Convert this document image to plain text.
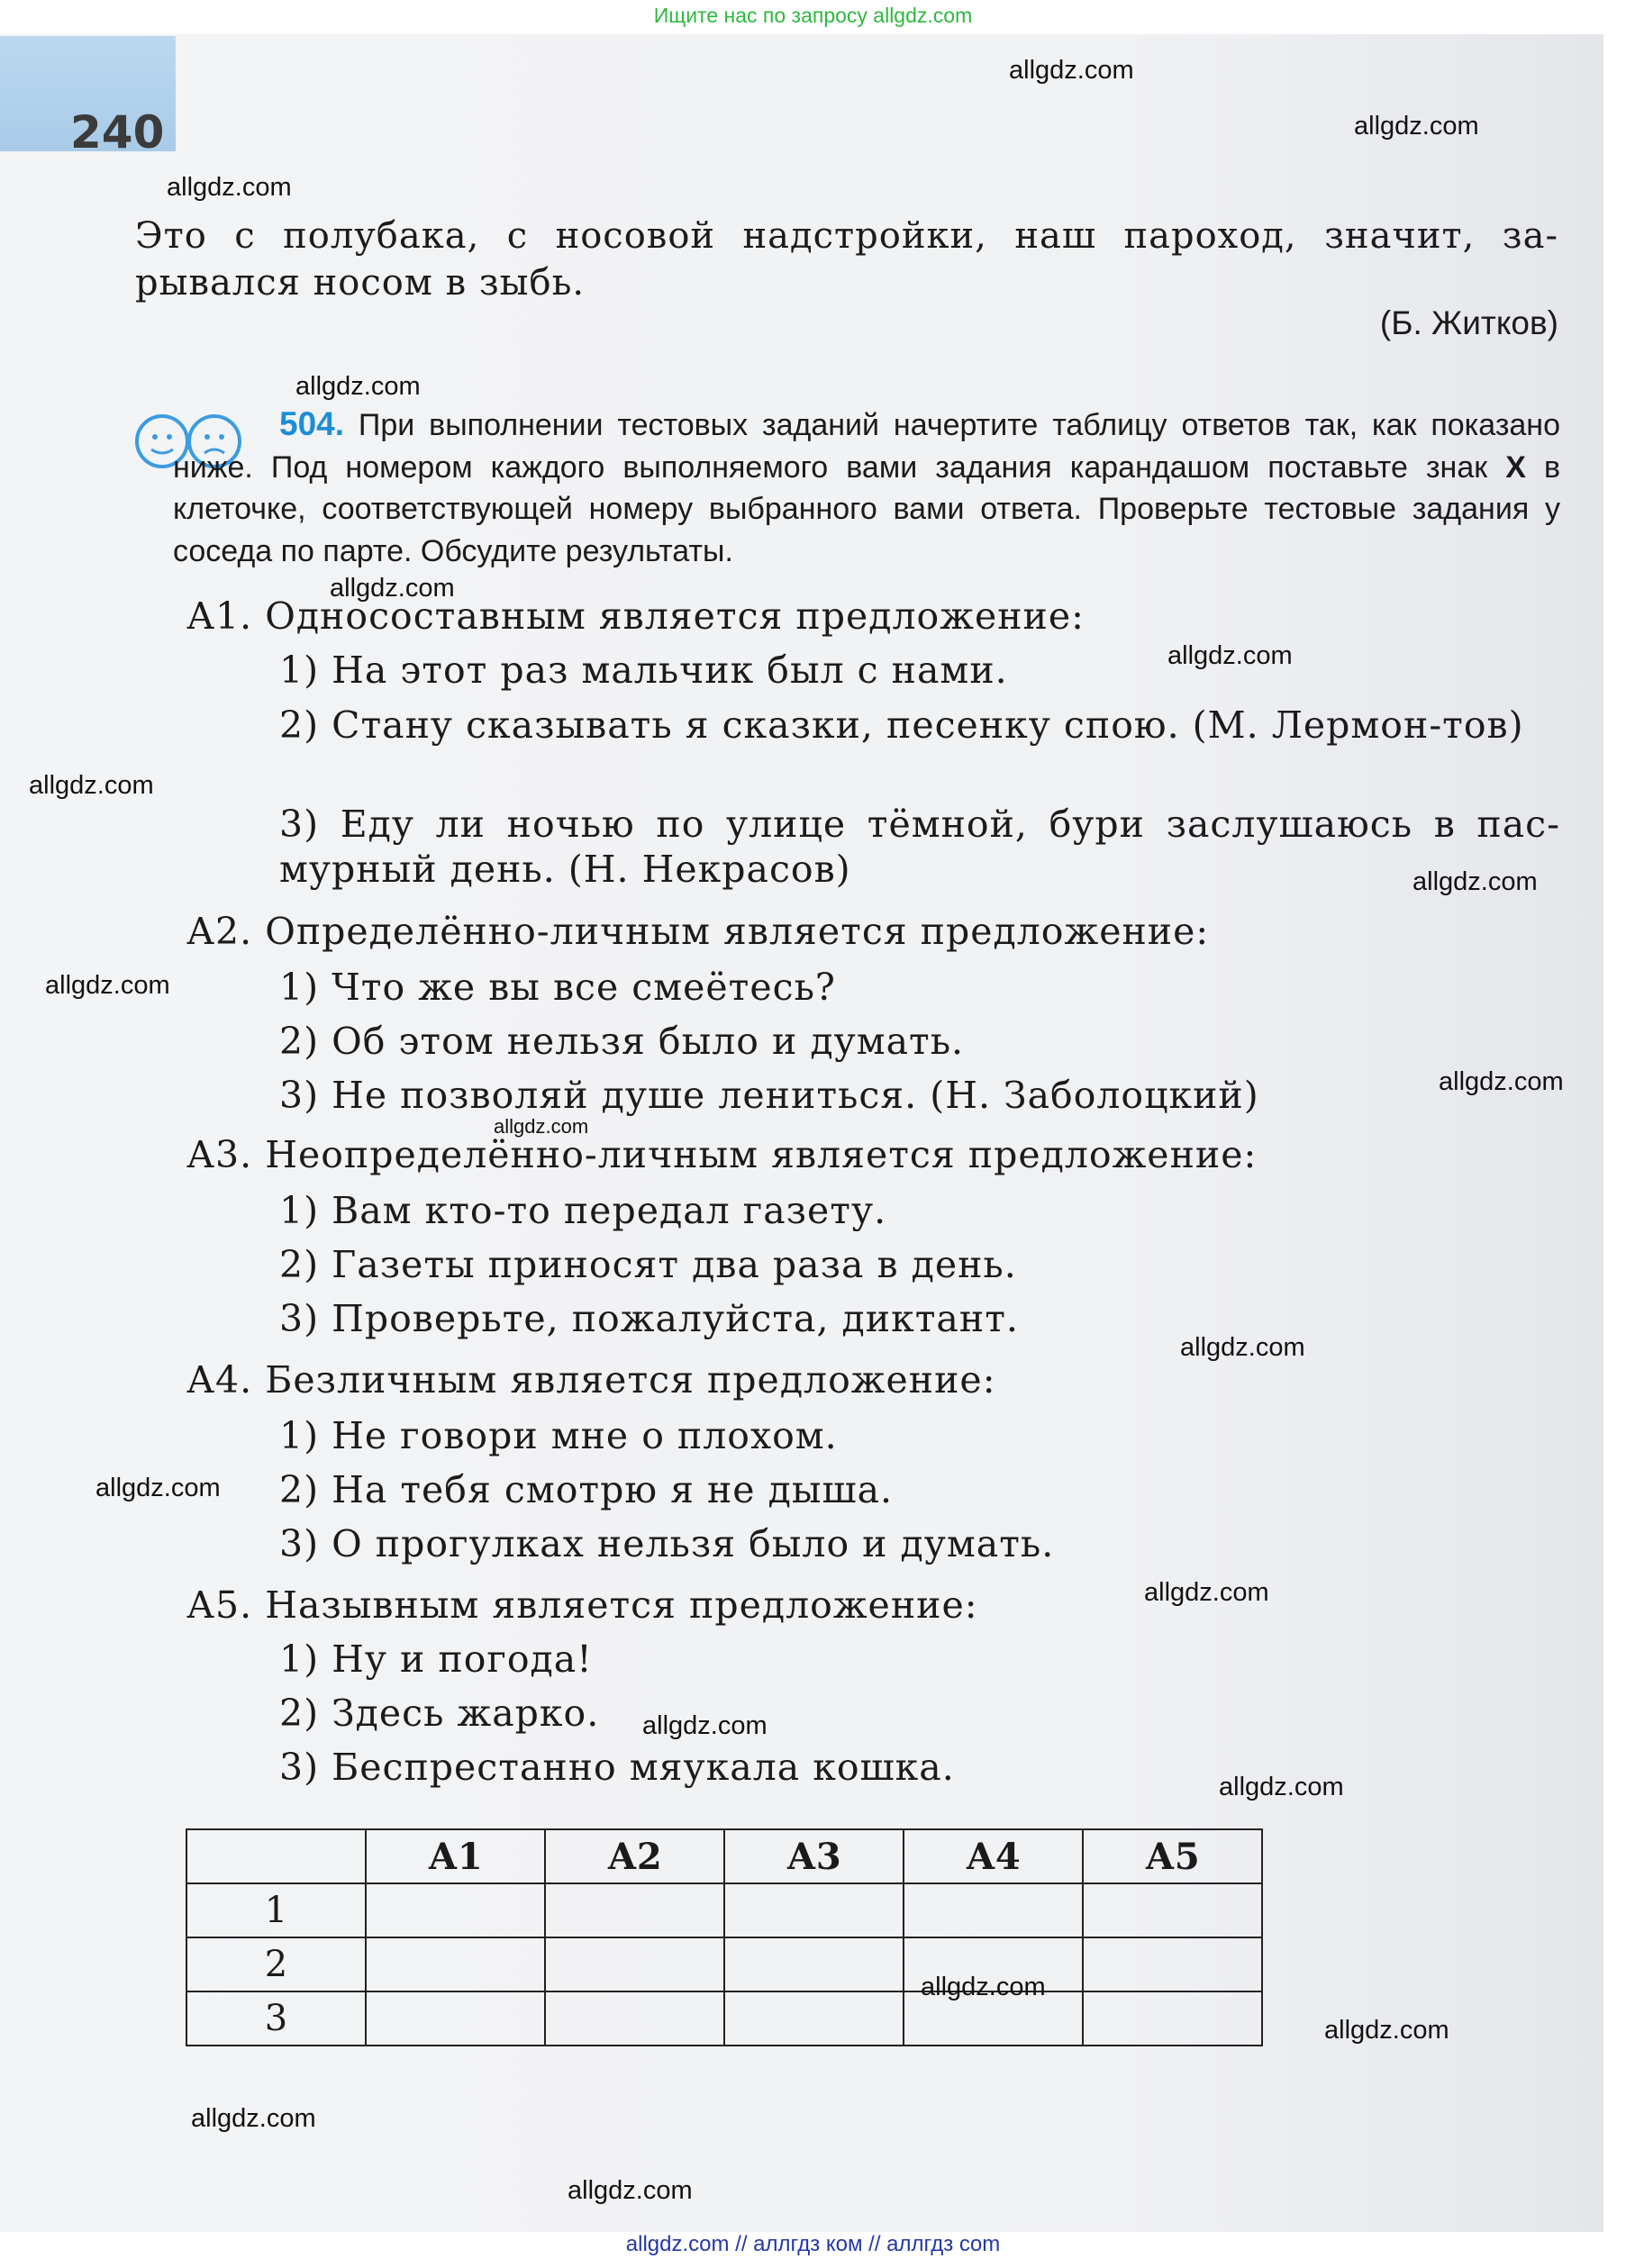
Ищите нас по запросу allgdz.com
240
Это с полубака, с носовой надстройки, наш пароход, значит, за-
рывался носом в зыбь.
(Б. Житков)
504. При выполнении тестовых заданий начертите таблицу ответов так, как показано ниже. Под номером каждого выполняемого вами задания карандашом поставьте знак X в клеточке, соответствующей номеру выбранного вами ответа. Проверьте тестовые задания у соседа по парте. Обсудите результаты.
А1. Односоставным является предложение:
1) На этот раз мальчик был с нами.
2) Стану сказывать я сказки, песенку спою. (М. Лермон-тов)
3) Еду ли ночью по улице тёмной, бури заслушаюсь в пас-мурный день. (Н. Некрасов)
А2. Определённо-личным является предложение:
1) Что же вы все смеётесь?
2) Об этом нельзя было и думать.
3) Не позволяй душе лениться. (Н. Заболоцкий)
А3. Неопределённо-личным является предложение:
1) Вам кто-то передал газету.
2) Газеты приносят два раза в день.
3) Проверьте, пожалуйста, диктант.
А4. Безличным является предложение:
1) Не говори мне о плохом.
2) На тебя смотрю я не дыша.
3) О прогулках нельзя было и думать.
А5. Назывным является предложение:
1) Ну и погода!
2) Здесь жарко.
3) Беспрестанно мяукала кошка.
	А1	А2	А3	А4	А5
1					
2					
3					
allgdz.com
allgdz.com
allgdz.com
allgdz.com
allgdz.com
allgdz.com
allgdz.com
allgdz.com
allgdz.com
allgdz.com
allgdz.com
allgdz.com
allgdz.com
allgdz.com
allgdz.com
allgdz.com
allgdz.com
allgdz.com
allgdz.com
allgdz.com
allgdz.com // аллгдз ком // аллгдз com
